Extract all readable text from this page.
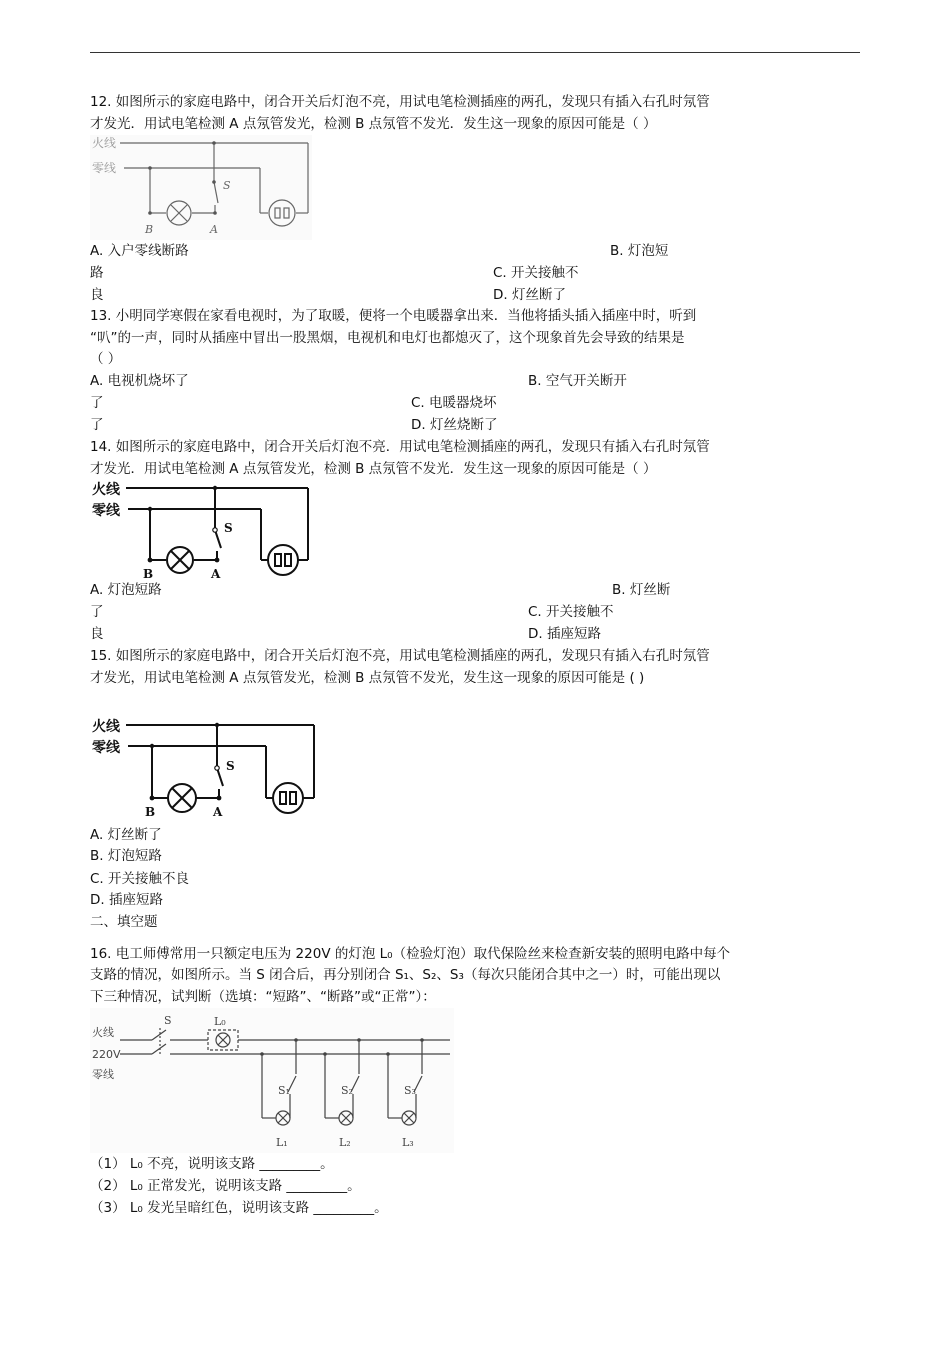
12. 如图所示的家庭电路中，闭合开关后灯泡不亮，用试电笔检测插座的两孔，发现只有插入右孔时氖管
才发光．用试电笔检测 A 点氖管发光，检测 B 点氖管不发光．发生这一现象的原因可能是（ ）
火线
零线
S
B	A
A. 入户零线断路	B. 灯泡短
路	C. 开关接触不
良	D. 灯丝断了
13. 小明同学寒假在家看电视时，为了取暖，便将一个电暖器拿出来．当他将插头插入插座中时，听到
“叭”的一声，同时从插座中冒出一股黑烟，电视机和电灯也都熄灭了，这个现象首先会导致的结果是
（ ）
A. 电视机烧坏了	B. 空气开关断开
了	C. 电暖器烧坏
了	D. 灯丝烧断了
14. 如图所示的家庭电路中，闭合开关后灯泡不亮．用试电笔检测插座的两孔，发现只有插入右孔时氖管
才发光．用试电笔检测 A 点氖管发光，检测 B 点氖管不发光．发生这一现象的原因可能是（ ）
火线
零线
S
B	A
A. 灯泡短路	B. 灯丝断
了	C. 开关接触不
良	D. 插座短路
15. 如图所示的家庭电路中，闭合开关后灯泡不亮，用试电笔检测插座的两孔，发现只有插入右孔时氖管
才发光，用试电笔检测 A 点氖管发光，检测 B 点氖管不发光，发生这一现象的原因可能是 ( )
火线
零线
S
B	A
A. 灯丝断了
B. 灯泡短路
C. 开关接触不良
D. 插座短路
二、填空题
16. 电工师傅常用一只额定电压为 220V 的灯泡 L₀（检验灯泡）取代保险丝来检查新安装的照明电路中每个
支路的情况，如图所示。当 S 闭合后，再分别闭合 S₁、S₂、S₃（每次只能闭合其中之一）时，可能出现以
下三种情况，试判断（选填：“短路”、“断路”或“正常”）：
火线
220V
零线
S	L₀
S₁	S₂	S₃
L₁	L₂	L₃
（1） L₀ 不亮，说明该支路 _________。
（2） L₀ 正常发光，说明该支路 _________。
（3） L₀ 发光呈暗红色，说明该支路 _________。
